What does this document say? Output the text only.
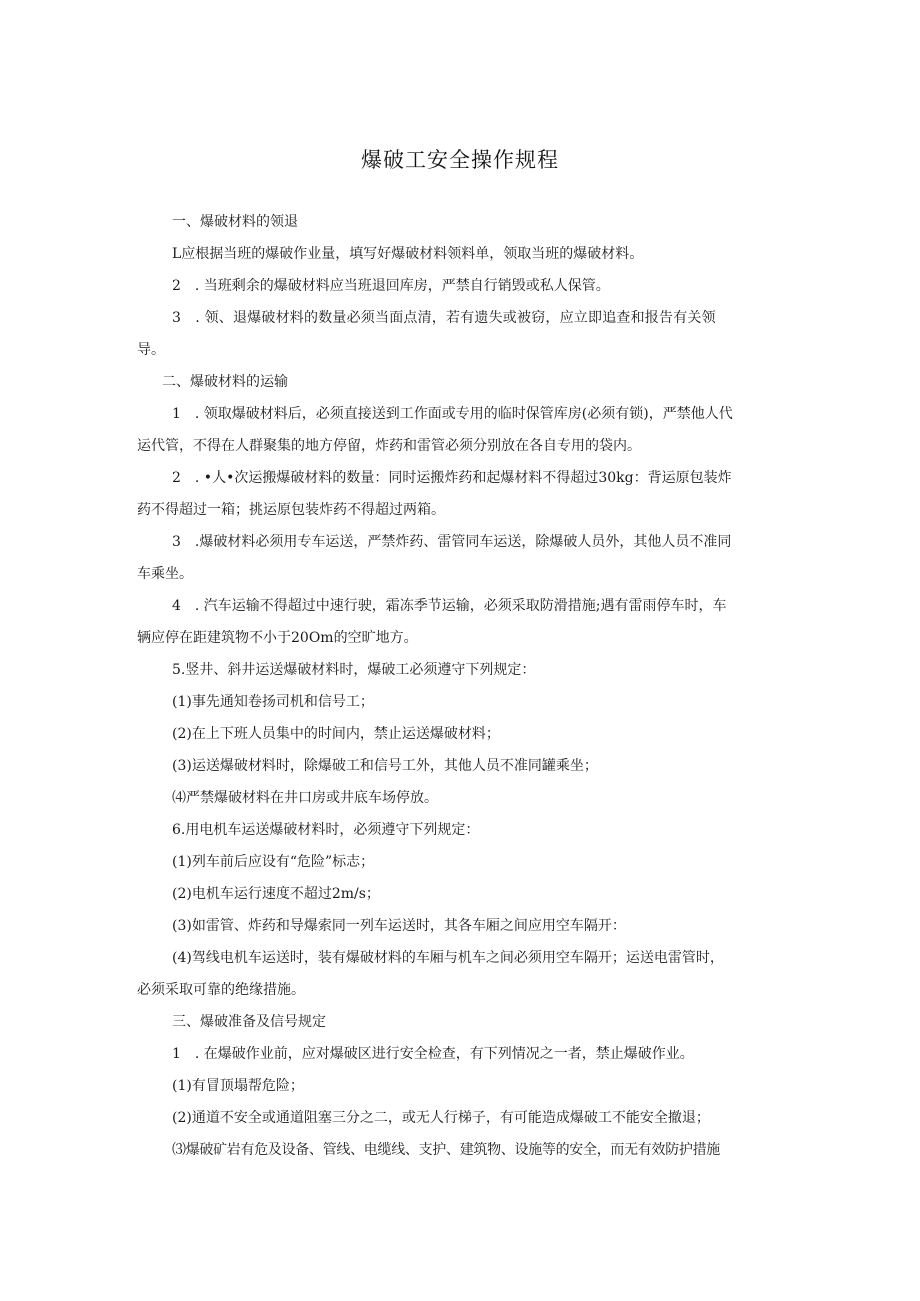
爆破工安全操作规程
一、爆破材料的领退
L应根据当班的爆破作业量，填写好爆破材料领料单，领取当班的爆破材料。
2　. 当班剩余的爆破材料应当班退回库房，严禁自行销毁或私人保管。
3　. 领、退爆破材料的数量必须当面点清，若有遗失或被窃，应立即追查和报告有关领
导。
二、爆破材料的运输
1　. 领取爆破材料后，必须直接送到工作面或专用的临时保管库房(必须有锁)，严禁他人代
运代管，不得在人群聚集的地方停留，炸药和雷管必须分别放在各自专用的袋内。
2　. •人•次运搬爆破材料的数量：同时运搬炸药和起爆材料不得超过30kg：背运原包装炸
药不得超过一箱；挑运原包装炸药不得超过两箱。
3　.爆破材料必须用专车运送，严禁炸药、雷管同车运送，除爆破人员外，其他人员不准同
车乘坐。
4　. 汽车运输不得超过中速行驶，霜冻季节运输，必须采取防滑措施;遇有雷雨停车时，车
辆应停在距建筑物不小于20Om的空旷地方。
5.竖井、斜井运送爆破材料时，爆破工必须遵守下列规定：
(1)事先通知卷扬司机和信号工；
(2)在上下班人员集中的时间内，禁止运送爆破材料；
(3)运送爆破材料时，除爆破工和信号工外，其他人员不准同罐乘坐；
⑷严禁爆破材料在井口房或井底车场停放。
6.用电机车运送爆破材料时，必须遵守下列规定：
(1)列车前后应设有“危险”标志；
(2)电机车运行速度不超过2m/s；
(3)如雷管、炸药和导爆索同一列车运送时，其各车厢之间应用空车隔开：
(4)驾线电机车运送时，装有爆破材料的车厢与机车之间必须用空车隔开；运送电雷管时，
必须采取可靠的绝缘措施。
三、爆破准备及信号规定
1　. 在爆破作业前，应对爆破区进行安全检查，有下列情况之一者，禁止爆破作业。
(1)有冒顶塌帮危险；
(2)通道不安全或通道阻塞三分之二，或无人行梯子，有可能造成爆破工不能安全撤退；
⑶爆破矿岩有危及设备、管线、电缆线、支护、建筑物、设施等的安全，而无有效防护措施
